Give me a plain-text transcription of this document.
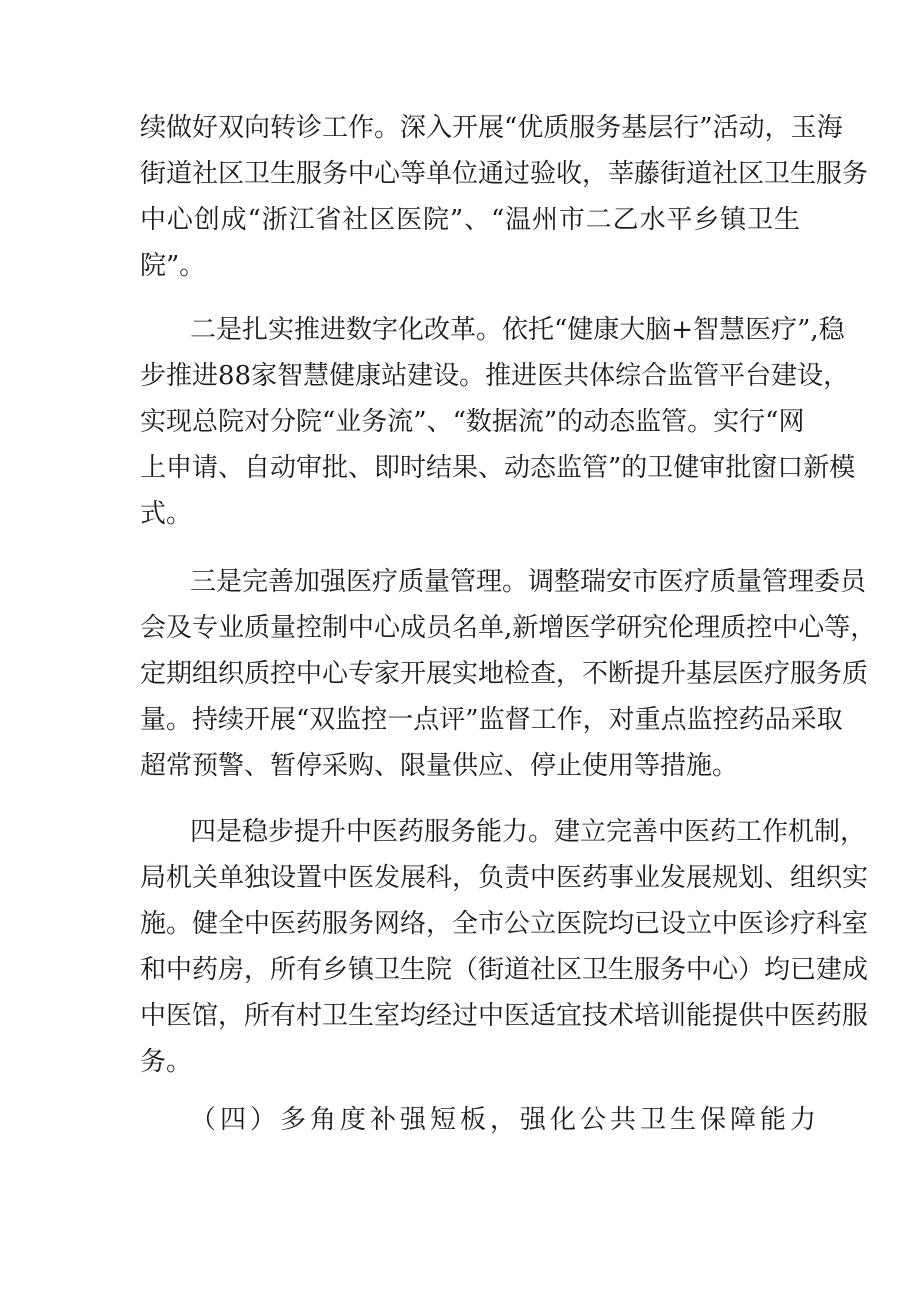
续做好双向转诊工作。深入开展“优质服务基层行”活动，玉海
街道社区卫生服务中心等单位通过验收，莘藤街道社区卫生服务
中心创成“浙江省社区医院”、“温州市二乙水平乡镇卫生
院”。
二是扎实推进数字化改革。依托“健康大脑+智慧医疗”,稳
步推进88家智慧健康站建设。推进医共体综合监管平台建设，
实现总院对分院“业务流”、“数据流”的动态监管。实行“网
上申请、自动审批、即时结果、动态监管”的卫健审批窗口新模
式。
三是完善加强医疗质量管理。调整瑞安市医疗质量管理委员
会及专业质量控制中心成员名单,新增医学研究伦理质控中心等，
定期组织质控中心专家开展实地检查，不断提升基层医疗服务质
量。持续开展“双监控一点评”监督工作，对重点监控药品采取
超常预警、暂停采购、限量供应、停止使用等措施。
四是稳步提升中医药服务能力。建立完善中医药工作机制，
局机关单独设置中医发展科，负责中医药事业发展规划、组织实
施。健全中医药服务网络，全市公立医院均已设立中医诊疗科室
和中药房，所有乡镇卫生院（街道社区卫生服务中心）均已建成
中医馆，所有村卫生室均经过中医适宜技术培训能提供中医药服
务。
（四）多角度补强短板，强化公共卫生保障能力
